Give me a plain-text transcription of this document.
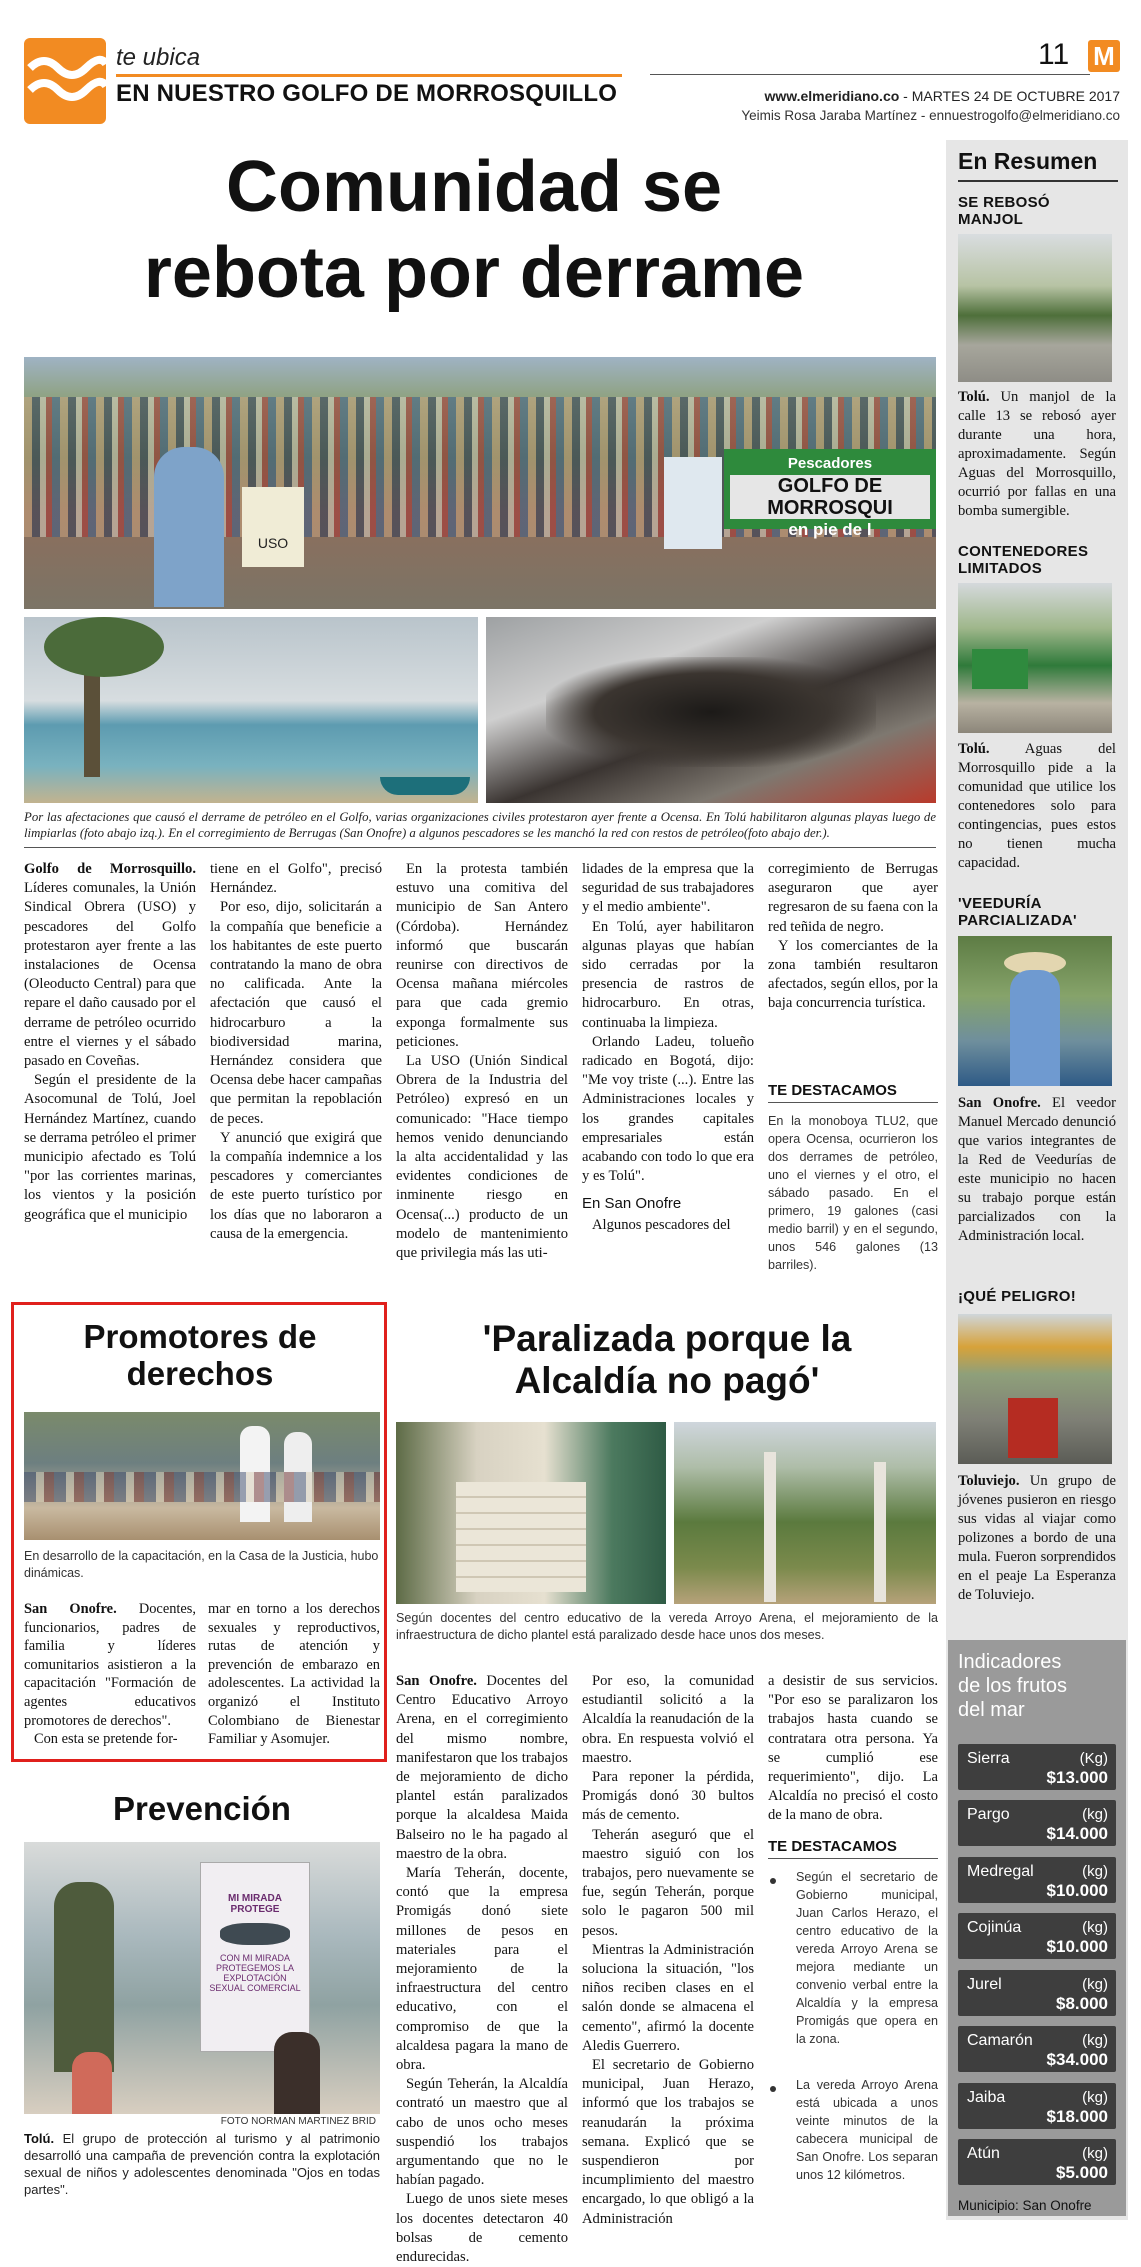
te ubica
EN NUESTRO GOLFO DE MORROSQUILLO
11 M
www.elmeridiano.co - MARTES 24 DE OCTUBRE 2017
Yeimis Rosa Jaraba Martínez - ennuestrogolfo@elmeridiano.co
Comunidad se
rebota por derrame
Pescadores
GOLFO DE MORROSQUI
en pie de l
USO
Por las afectaciones que causó el derrame de petróleo en el Golfo, varias organizaciones civiles protestaron ayer frente a Ocensa. En Tolú habilitaron algunas playas luego de limpiarlas (foto abajo izq.). En el corregimiento de Berrugas (San Onofre) a algunos pescadores se les manchó la red con restos de petróleo(foto abajo der.).

Golfo de Morrosquillo. Líderes comunales, la Unión Sindical Obrera (USO) y pescadores del Golfo protestaron ayer frente a las instalaciones de Ocensa (Oleoducto Central) para que repare el daño causado por el derrame de petróleo ocurrido entre el viernes y el sábado pasado en Coveñas.

Según el presidente de la Asocomunal de Tolú, Joel Hernández Martínez, cuando se derrama petróleo el primer municipio afectado es Tolú "por las corrientes marinas, los vientos y la posición geográfica que el municipio

tiene en el Golfo", precisó Hernández.

Por eso, dijo, solicitarán a la compañía que beneficie a los habitantes de este puerto contratando la mano de obra no calificada. Ante la afectación que causó el hidrocarburo a la biodiversidad marina, Hernández considera que Ocensa debe hacer campañas que permitan la repoblación de peces.

Y anunció que exigirá que la compañía indemnice a los pescadores y comerciantes de este puerto turístico por los días que no laboraron a causa de la emergencia.

En la protesta también estuvo una comitiva del municipio de San Antero (Córdoba). Hernández informó que buscarán reunirse con directivos de Ocensa mañana miércoles para que cada gremio exponga formalmente sus peticiones.

La USO (Unión Sindical Obrera de la Industria del Petróleo) expresó en un comunicado: "Hace tiempo hemos venido denunciando la alta accidentalidad y las evidentes condiciones de inminente riesgo en Ocensa(...) producto de un modelo de mantenimiento que privilegia más las uti-

lidades de la empresa que la seguridad de sus trabajadores y el medio ambiente".

En Tolú, ayer habilitaron algunas playas que habían sido cerradas por la presencia de rastros de hidrocarburo. En otras, continuaba la limpieza.

Orlando Ladeu, tolueño radicado en Bogotá, dijo: "Me voy triste (...). Entre las Administraciones locales y los grandes capitales empresariales están acabando con todo lo que era y es Tolú".

En San Onofre

Algunos pescadores del

corregimiento de Berrugas aseguraron que ayer regresaron de su faena con la red teñida de negro.

Y los comerciantes de la zona también resultaron afectados, según ellos, por la baja concurrencia turística.

TE DESTACAMOS
En la monoboya TLU2, que opera Ocensa, ocurrieron los dos derrames de petróleo, uno el viernes y el otro, el sábado pasado. En el primero, 19 galones (casi medio barril) y en el segundo, unos 546 galones (13 barriles).
Promotores de
derechos
En desarrollo de la capacitación, en la Casa de la Justicia, hubo dinámicas.

San Onofre. Docentes, funcionarios, padres de familia y líderes comunitarios asistieron a la capacitación "Formación de agentes educativos promotores de derechos".

Con esta se pretende for-

mar en torno a los derechos sexuales y reproductivos, rutas de atención y prevención de embarazo en adolescentes. La actividad la organizó el Instituto Colombiano de Bienestar Familiar y Asomujer.

Prevención
MI MIRADA PROTEGE
CON MI MIRADA PROTEGEMOS LA EXPLOTACIÓN SEXUAL COMERCIAL
FOTO NORMAN MARTINEZ BRID
Tolú. El grupo de protección al turismo y al patrimonio desarrolló una campaña de prevención contra la explotación sexual de niños y adolescentes denominada "Ojos en todas partes".
'Paralizada porque la
Alcaldía no pagó'
Según docentes del centro educativo de la vereda Arroyo Arena, el mejoramiento de la infraestructura de dicho plantel está paralizado desde hace unos dos meses.

San Onofre. Docentes del Centro Educativo Arroyo Arena, en el corregimiento del mismo nombre, manifestaron que los trabajos de mejoramiento de dicho plantel están paralizados porque la alcaldesa Maida Balseiro no le ha pagado al maestro de la obra.

María Teherán, docente, contó que la empresa Promigás donó siete millones de pesos en materiales para el mejoramiento de la infraestructura del centro educativo, con el compromiso de que la alcaldesa pagara la mano de obra.

Según Teherán, la Alcaldía contrató un maestro que al cabo de unos ocho meses suspendió los trabajos argumentando que no le habían pagado.

Luego de unos siete meses los docentes detectaron 40 bolsas de cemento endurecidas.

Por eso, la comunidad estudiantil solicitó a la Alcaldía la reanudación de la obra. En respuesta volvió el maestro.

Para reponer la pérdida, Promigás donó 30 bultos más de cemento.

Teherán aseguró que el maestro siguió con los trabajos, pero nuevamente se fue, según Teherán, porque solo le pagaron 500 mil pesos.

Mientras la Administración soluciona la situación, "los niños reciben clases en el salón donde se almacena el cemento", afirmó la docente Aledis Guerrero.

El secretario de Gobierno municipal, Juan Herazo, informó que los trabajos se reanudarán la próxima semana. Explicó que se suspendieron por incumplimiento del maestro encargado, lo que obligó a la Administración

a desistir de sus servicios. "Por eso se paralizaron los trabajos hasta cuando se contratara otra persona. Ya se cumplió ese requerimiento", dijo. La Alcaldía no precisó el costo de la mano de obra.

TE DESTACAMOS
Según el secretario de Gobierno municipal, Juan Carlos Herazo, el centro educativo de la vereda Arroyo Arena se mejora mediante un convenio verbal entre la Alcaldía y la empresa Promigás que opera en la zona.
La vereda Arroyo Arena está ubicada a unos veinte minutos de la cabecera municipal de San Onofre. Los separan unos 12 kilómetros.
En Resumen
SE REBOSÓ
MANJOL
Tolú. Un manjol de la calle 13 se rebosó ayer durante una hora, aproximadamente. Según Aguas del Morrosquillo, ocurrió por fallas en una bomba sumergible.
CONTENEDORES
LIMITADOS
Tolú. Aguas del Morrosquillo pide a la comunidad que utilice los contenedores solo para contingencias, pues estos no tienen mucha capacidad.
'VEEDURÍA
PARCIALIZADA'
San Onofre. El veedor Manuel Mercado denunció que varios integrantes de la Red de Veedurías de este municipio no hacen su trabajo porque están parcializados con la Administración local.
¡QUÉ PELIGRO!
Toluviejo. Un grupo de jóvenes pusieron en riesgo sus vidas al viajar como polizones a bordo de una mula. Fueron sorprendidos en el peaje La Esperanza de Toluviejo.
Indicadores
de los frutos
del mar
Sierra	(Kg)
$13.000
Pargo	(kg)
$14.000
Medregal	(kg)
$10.000
Cojinúa	(kg)
$10.000
Jurel	(kg)
$8.000
Camarón	(kg)
$34.000
Jaiba	(kg)
$18.000
Atún	(kg)
$5.000
Municipio: San Onofre
